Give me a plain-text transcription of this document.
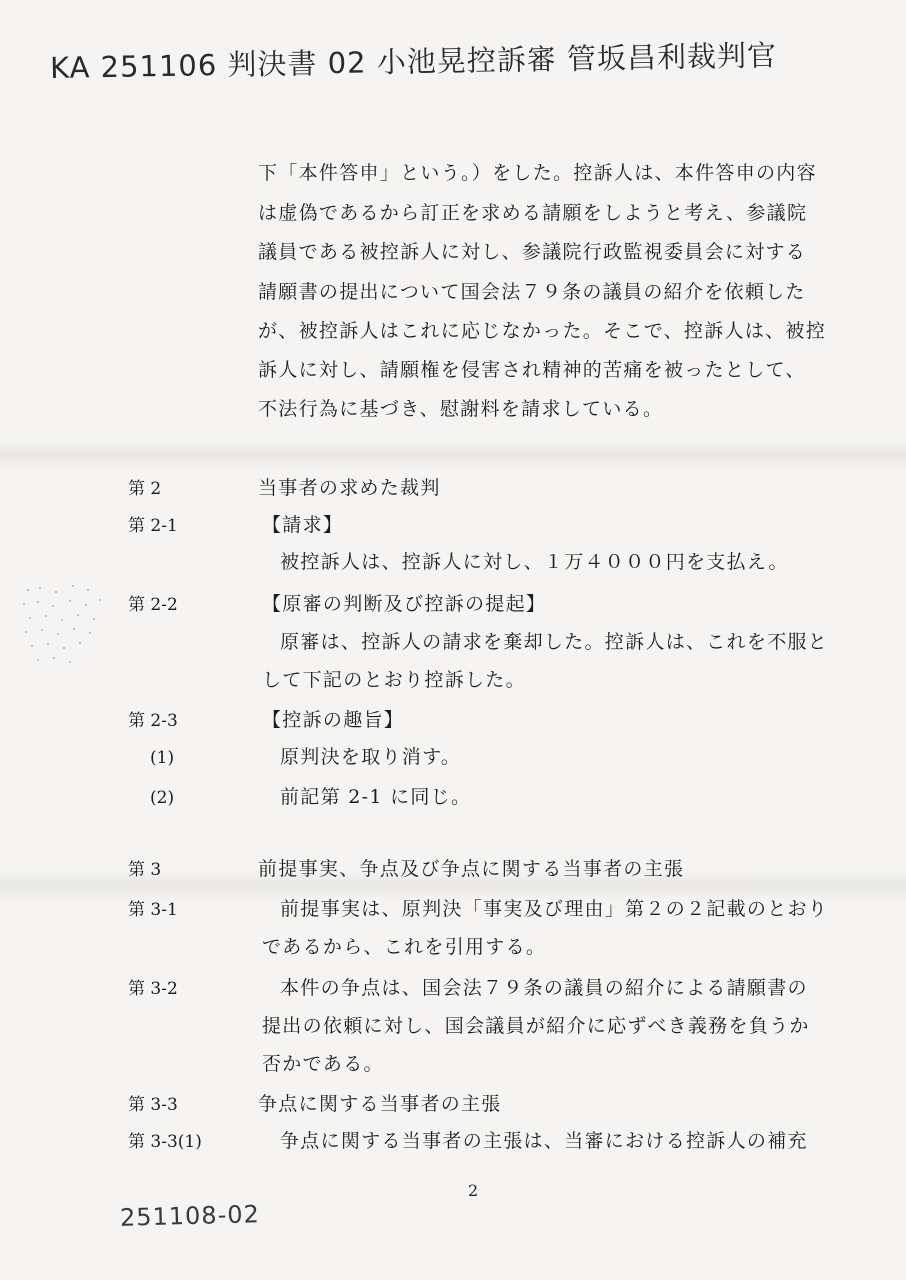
KA 251106 判決書 02 小池晃控訴審 管坂昌利裁判官
下「本件答申」という。）をした。控訴人は、本件答申の内容
は虚偽であるから訂正を求める請願をしようと考え、参議院
議員である被控訴人に対し、参議院行政監視委員会に対する
請願書の提出について国会法７９条の議員の紹介を依頼した
が、被控訴人はこれに応じなかった。そこで、控訴人は、被控
訴人に対し、請願権を侵害され精神的苦痛を被ったとして、
不法行為に基づき、慰謝料を請求している。
第 2	当事者の求めた裁判
第 2-1	【請求】
被控訴人は、控訴人に対し、１万４０００円を支払え。
第 2-2	【原審の判断及び控訴の提起】
原審は、控訴人の請求を棄却した。控訴人は、これを不服と
して下記のとおり控訴した。
第 2-3	【控訴の趣旨】
(1)	原判決を取り消す。
(2)	前記第 2-1 に同じ。
第 3	前提事実、争点及び争点に関する当事者の主張
第 3-1	前提事実は、原判決「事実及び理由」第２の２記載のとおり
であるから、これを引用する。
第 3-2	本件の争点は、国会法７９条の議員の紹介による請願書の
提出の依頼に対し、国会議員が紹介に応ずべき義務を負うか
否かである。
第 3-3	争点に関する当事者の主張
第 3-3(1)	争点に関する当事者の主張は、当審における控訴人の補充
2
251108-02
